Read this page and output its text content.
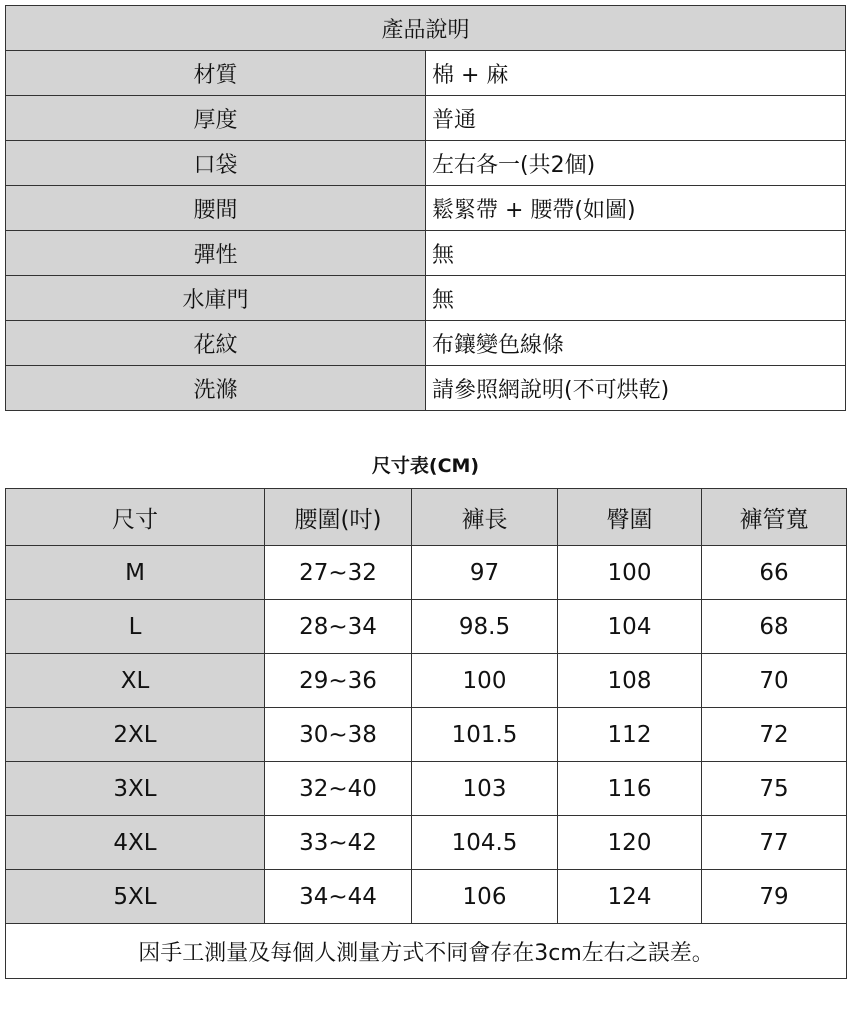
產品說明	
材質	棉 + 麻
厚度	普通
口袋	左右各一(共2個)
腰間	鬆緊帶 + 腰帶(如圖)
彈性	無
水庫門	無
花紋	布鑲變色線條
洗滌	請參照網說明(不可烘乾)
尺寸表(CM)
尺寸	腰圍(吋)	褲長	臀圍	褲管寬
M	27~32	97	100	66
L	28~34	98.5	104	68
XL	29~36	100	108	70
2XL	30~38	101.5	112	72
3XL	32~40	103	116	75
4XL	33~42	104.5	120	77
5XL	34~44	106	124	79
因手工測量及每個人測量方式不同會存在3cm左右之誤差。				
